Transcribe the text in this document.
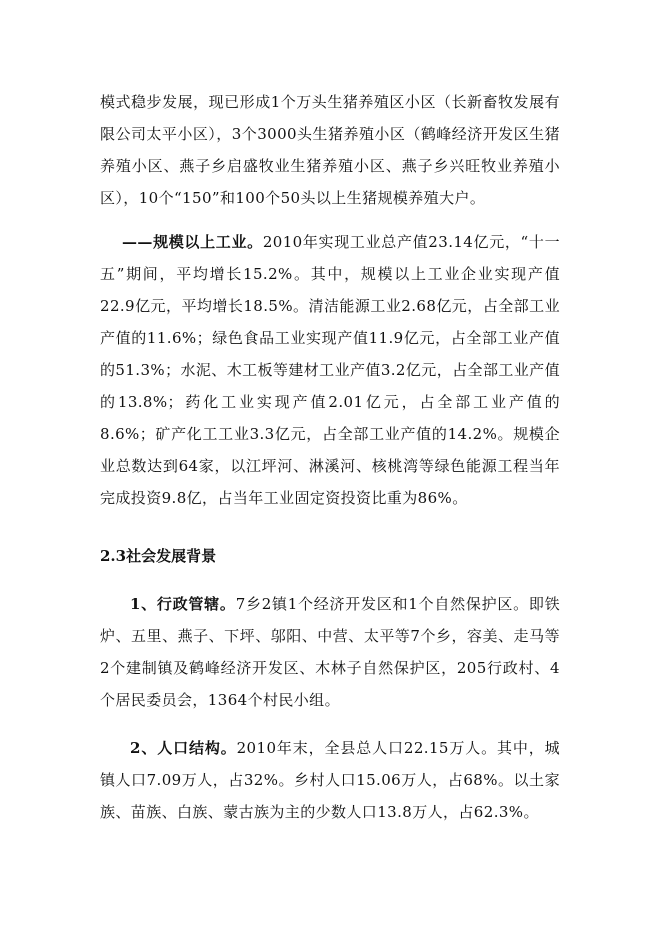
模式稳步发展，现已形成1个万头生猪养殖区小区（长新畜牧发展有限公司太平小区），3个3000头生猪养殖小区（鹤峰经济开发区生猪养殖小区、燕子乡启盛牧业生猪养殖小区、燕子乡兴旺牧业养殖小区），10个“150”和100个50头以上生猪规模养殖大户。

——规模以上工业。2010年实现工业总产值23.14亿元，“十一五”期间，平均增长15.2%。其中，规模以上工业企业实现产值22.9亿元，平均增长18.5%。清洁能源工业2.68亿元，占全部工业产值的11.6%；绿色食品工业实现产值11.9亿元，占全部工业产值的51.3%；水泥、木工板等建材工业产值3.2亿元，占全部工业产值的13.8%；药化工业实现产值2.01亿元，占全部工业产值的8.6%；矿产化工工业3.3亿元，占全部工业产值的14.2%。规模企业总数达到64家，以江坪河、淋溪河、核桃湾等绿色能源工程当年完成投资9.8亿，占当年工业固定资投资比重为86%。

2.3社会发展背景

1、行政管辖。7乡2镇1个经济开发区和1个自然保护区。即铁炉、五里、燕子、下坪、邬阳、中营、太平等7个乡，容美、走马等2个建制镇及鹤峰经济开发区、木林子自然保护区，205行政村、4个居民委员会，1364个村民小组。

2、人口结构。2010年末，全县总人口22.15万人。其中，城镇人口7.09万人，占32%。乡村人口15.06万人，占68%。以土家族、苗族、白族、蒙古族为主的少数人口13.8万人，占62.3%。
